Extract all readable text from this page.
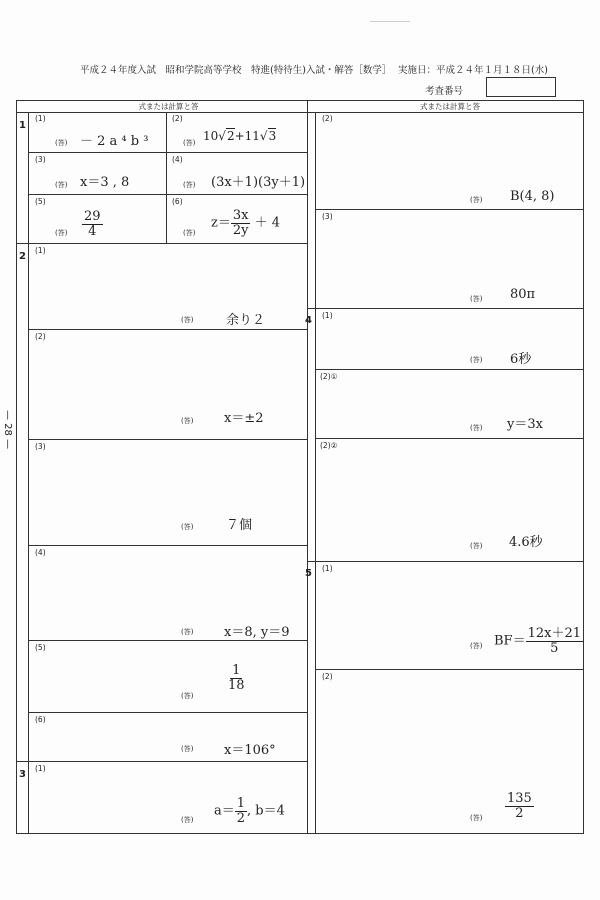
平成２４年度入試　昭和学院高等学校　特進(特待生)入試・解答［数学］ 実施日：平成２４年１月１８日(水)
考査番号
式または計算と答	式または計算と答
1
(1)
(答) － 2 a ⁴ b ³
(2)
(答) 10√2+11√3
(3)
(答) x＝3 , 8
(4)
(答) (3x＋1)(3y＋1)
(5)
(答) $\frac{29}{4}$
(6)
(答)
$z= \frac{3x}{2y} + 4$
2
(1)
(答)	余り２
(2)
(答) x＝±2
(3)
(答)	７個
(4)
(答) x＝8, y＝9
(5)
(答)
$\frac{1}{18}$
(6)
(答) x＝106°
3
(1)
(答)
$a= \frac{1}{2}$ , b＝4
(2)
(答) B(4, 8)
(3)
(答) 80π
4 (1)
(答) 6秒
(2)①
(答) y＝3x
(2)②
(答) 4.6秒
5 (1)
(答) $BF= \frac{12x+21}{5}$
(2)
(答) $\frac{135}{2}$
— 28 —
